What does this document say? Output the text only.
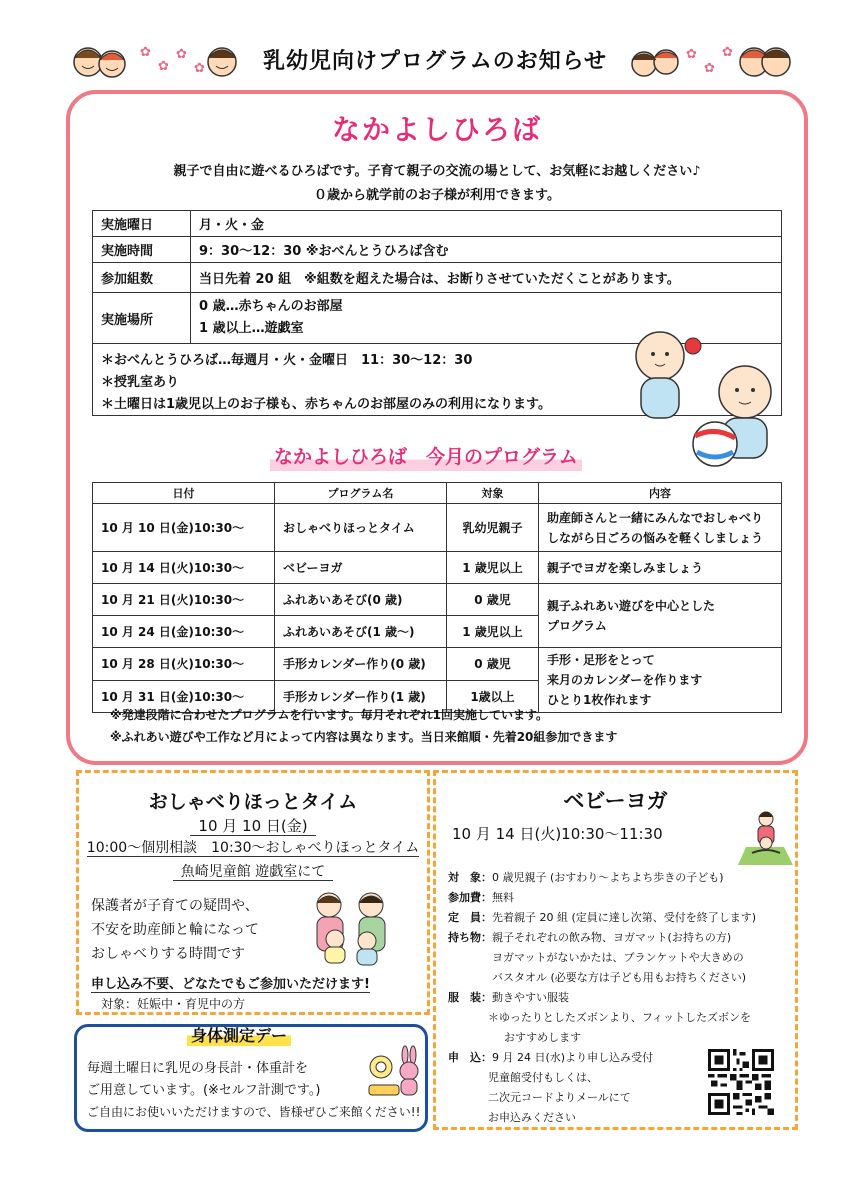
✿
✿
✿
✿	乳幼児向けプログラムのお知らせ	✿
✿
✿
なかよしひろば
親子で自由に遊べるひろばです。子育て親子の交流の場として、お気軽にお越しください♪
０歳から就学前のお子様が利用できます。
実施曜日	月・火・金
実施時間	9：30～12：30 ※おべんとうひろば含む
参加組数	当日先着 20 組　※組数を超えた場合は、お断りさせていただくことがあります。
実施場所	0 歳…赤ちゃんのお部屋
1 歳以上…遊戯室
＊おべんとうひろば…毎週月・火・金曜日　11：30～12：30
＊授乳室あり
＊土曜日は1歳児以上のお子様も、赤ちゃんのお部屋のみの利用になります。
なかよしひろば　今月のプログラム
日付	プログラム名	対象	内容
10 月 10 日(金)10:30～	おしゃべりほっとタイム	乳幼児親子	助産師さんと一緒にみんなでおしゃべり
しながら日ごろの悩みを軽くしましょう

10 月 14 日(火)10:30～	ベビーヨガ	1 歳児以上	親子でヨガを楽しみましょう
10 月 21 日(火)10:30～	ふれあいあそび(0 歳)	0 歳児	親子ふれあい遊びを中心とした
プログラム

10 月 24 日(金)10:30～	ふれあいあそび(1 歳～)	1 歳児以上	
10 月 28 日(火)10:30～	手形カレンダー作り(0 歳)	0 歳児	手形・足形をとって
来月のカレンダーを作ります
ひとり1枚作れます

10 月 31 日(金)10:30～	手形カレンダー作り(1 歳)	1歳以上	
※発達段階に合わせたプログラムを行います。毎月それぞれ1回実施しています。
※ふれあい遊びや工作など月によって内容は異なります。当日来館順・先着20組参加できます
おしゃべりほっとタイム
10 月 10 日(金)
10:00～個別相談　10:30～おしゃべりほっとタイム
魚崎児童館 遊戯室にて
保護者が子育ての疑問や、
不安を助産師と輪になって
おしゃべりする時間です
申し込み不要、どなたでもご参加いただけます!
対象：妊娠中・育児中の方
身体測定デー
毎週土曜日に乳児の身長計・体重計を
ご用意しています。(※セルフ計測です。)
ご自由にお使いいただけますので、皆様ぜひご来館ください!!
ベビーヨガ
10 月 14 日(火)10:30～11:30
対　象：0 歳児親子 (おすわり～よちよち歩きの子ども)
参加費：無料
定　員：先着親子 20 組 (定員に達し次第、受付を終了します)
持ち物：親子それぞれの飲み物、ヨガマット(お持ちの方)
ヨガマットがないかたは、ブランケットや大きめの
バスタオル (必要な方は子ども用もお持ちください)
服　装：動きやすい服装
＊ゆったりとしたズボンより、フィットしたズボンを
おすすめします
申　込：9 月 24 日(水)より申し込み受付
児童館受付もしくは、
二次元コードよりメールにて
お申込みください
